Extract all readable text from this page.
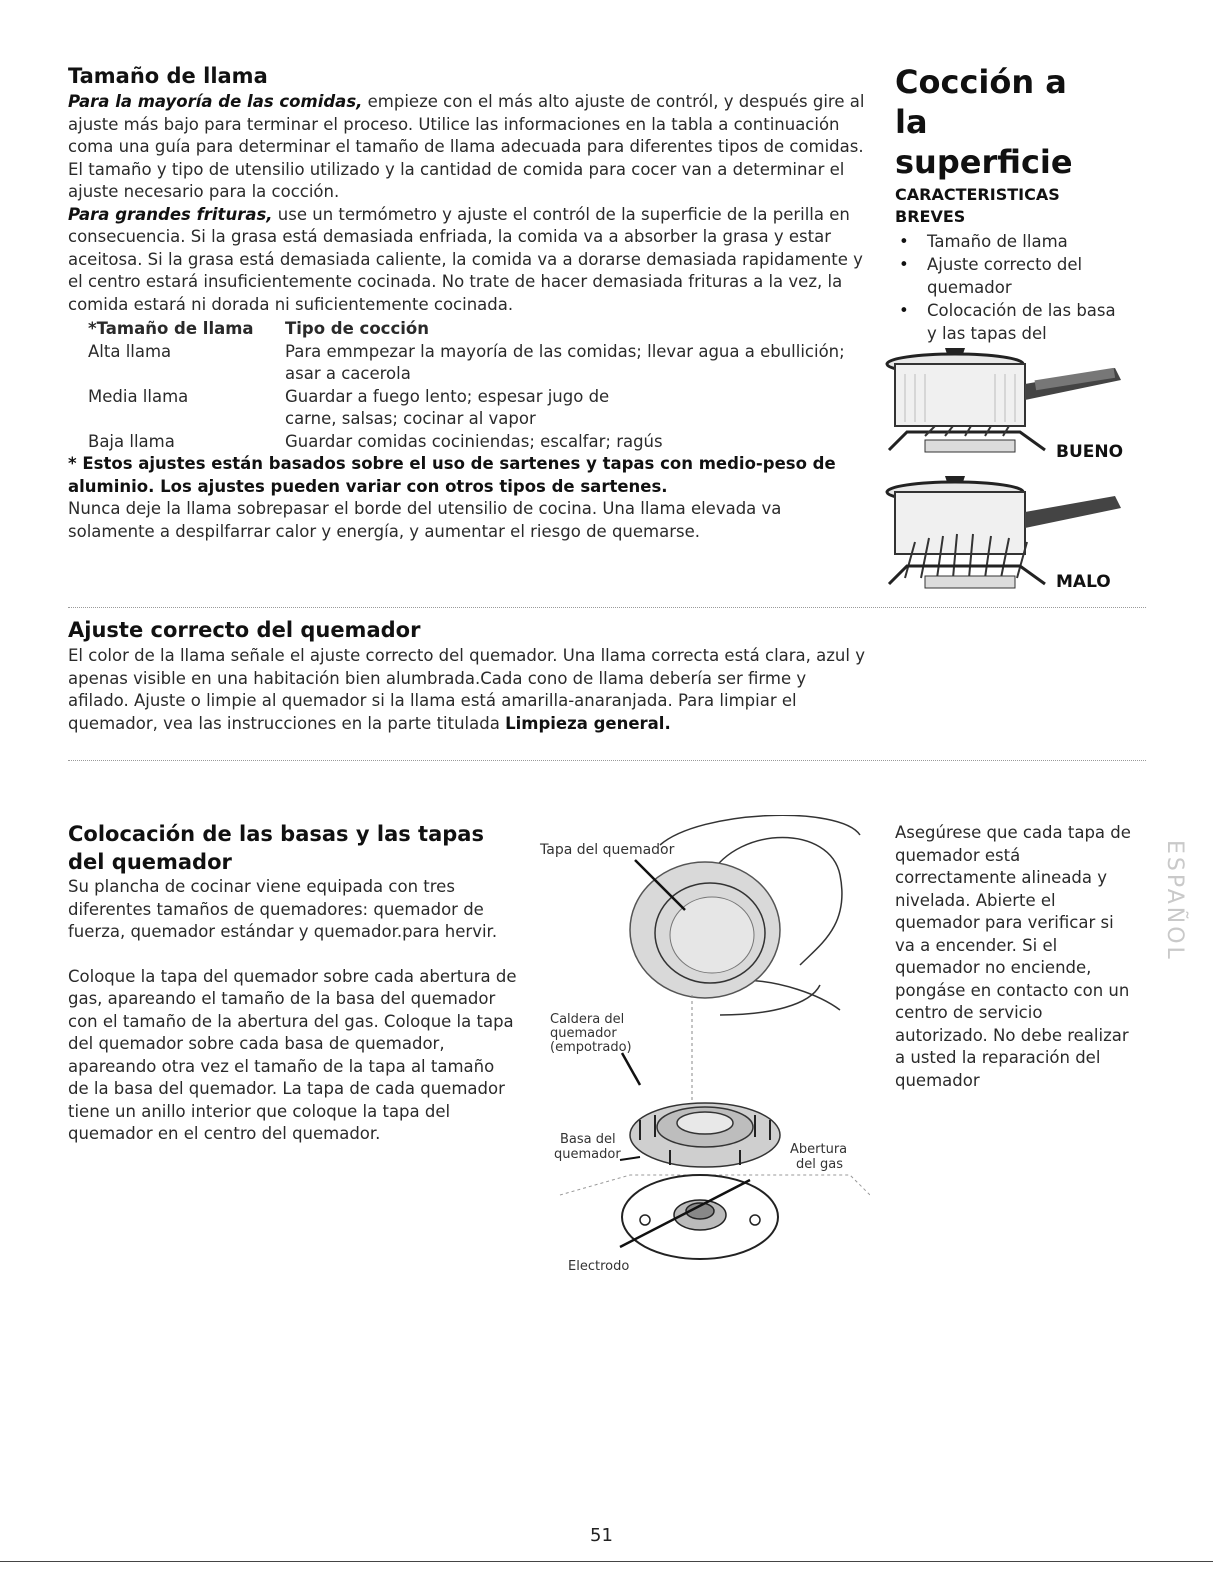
Tamaño de llama

Para la mayoría de las comidas, empieze con el más alto ajuste de contról, y después gire al ajuste más bajo para terminar el proceso. Utilice las informaciones en la tabla a continuación coma una guía para determinar el tamaño de llama adecuada para diferentes tipos de comidas. El tamaño y tipo de utensilio utilizado y la cantidad de comida para cocer van a determinar el ajuste necesario para la cocción.

Para grandes frituras, use un termómetro y ajuste el contról de la superficie de la perilla en consecuencia. Si la grasa está demasiada enfriada, la comida va a absorber la grasa y estar aceitosa. Si la grasa está demasiada caliente, la comida va a dorarse demasiada rapidamente y el centro estará insuficientemente cocinada. No trate de hacer demasiada frituras a la vez, la comida estará ni dorada ni suficientemente cocinada.

*Tamaño de llama	Tipo de cocción
Alta llama	Para emmpezar la mayoría de las comidas; llevar agua a ebullición; asar a cacerola
Media llama	Guardar a fuego lento; espesar jugo de carne, salsas; cocinar al vapor
Baja llama	Guardar comidas cociniendas; escalfar; ragús

* Estos ajustes están basados sobre el uso de sartenes y tapas con medio-peso de aluminio. Los ajustes pueden variar con otros tipos de sartenes.

Nunca deje la llama sobrepasar el borde del utensilio de cocina. Una llama elevada va solamente a despilfarrar calor y energía, y aumentar el riesgo de quemarse.

Cocción a la superficie

CARACTERISTICAS BREVES

• Tamaño de llama
• Ajuste correcto del quemador
• Colocación de las basa y las tapas del
BUENO
MALO
Ajuste correcto del quemador

El color de la llama señale el ajuste correcto del quemador. Una llama correcta está clara, azul y apenas visible en una habitación bien alumbrada.Cada cono de llama debería ser firme y afilado. Ajuste o limpie al quemador si la llama está amarilla-anaranjada. Para limpiar el quemador, vea las instrucciones en la parte titulada Limpieza general.

Colocación de las basas y las tapas del quemador

Su plancha de cocinar viene equipada con tres diferentes tamaños de quemadores: quemador de fuerza, quemador estándar y quemador.para hervir.

Coloque la tapa del quemador sobre cada abertura de gas, apareando el tamaño de la basa del quemador con el tamaño de la abertura del gas. Coloque la tapa del quemador sobre cada basa de quemador, apareando otra vez el tamaño de la tapa al tamaño de la basa del quemador. La tapa de cada quemador tiene un anillo interior que coloque la tapa del quemador en el centro del quemador.

Tapa del quemador
Caldera del
quemador
(empotrado)
Basa del
quemador	Abertura
del gas
Electrodo

Asegúrese que cada tapa de quemador está correctamente alineada y nivelada. Abierte el quemador para verificar si va a encender. Si el quemador no enciende, pongáse en contacto con un centro de servicio autorizado. No debe realizar a usted la reparación del quemador

ESPAÑOL
51
